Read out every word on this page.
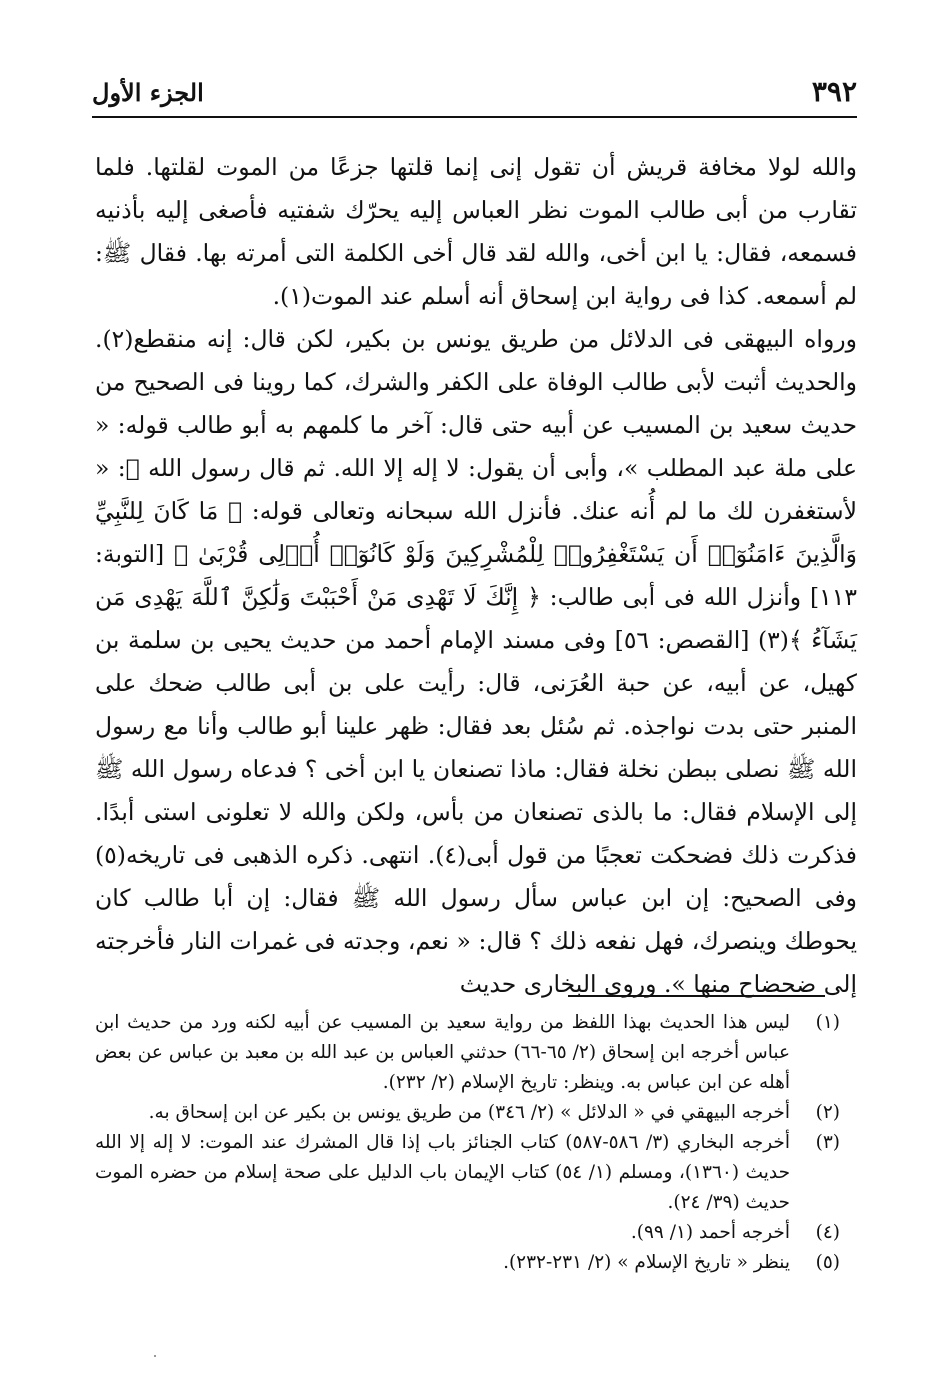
٣٩٢
الجزء الأول

والله لولا مخافة قريش أن تقول إنى إنما قلتها جزعًا من الموت لقلتها. فلما تقارب من أبى طالب الموت نظر العباس إليه يحرّك شفتيه فأصغى إليه بأذنيه فسمعه، فقال: يا ابن أخى، والله لقد قال أخى الكلمة التى أمرته بها. فقال ﷺ: لم أسمعه. كذا فى رواية ابن إسحاق أنه أسلم عند الموت(١).

ورواه البيهقى فى الدلائل من طريق يونس بن بكير، لكن قال: إنه منقطع(٢). والحديث أثبت لأبى طالب الوفاة على الكفر والشرك، كما روينا فى الصحيح من حديث سعيد بن المسيب عن أبيه حتى قال: آخر ما كلمهم به أبو طالب قوله: « على ملة عبد المطلب »، وأبى أن يقول: لا إله إلا الله. ثم قال رسول الله ﷺ: « لأستغفرن لك ما لم أُنه عنك. فأنزل الله سبحانه وتعالى قوله: ﴿ مَا كَانَ لِلنَّبِيِّ وَالَّذِينَ ءَامَنُوٓا۟ أَن يَسْتَغْفِرُوا۟ لِلْمُشْرِكِينَ وَلَوْ كَانُوٓا۟ أُو۟لِى قُرْبَىٰ ﴾ [التوبة: ١١٣] وأنزل الله فى أبى طالب: ﴿ إِنَّكَ لَا تَهْدِى مَنْ أَحْبَبْتَ وَلَٰكِنَّ ٱللَّهَ يَهْدِى مَن يَشَآءُ ﴾(٣) [القصص: ٥٦] وفى مسند الإمام أحمد من حديث يحيى بن سلمة بن كهيل، عن أبيه، عن حبة العُرَنى، قال: رأيت على بن أبى طالب ضحك على المنبر حتى بدت نواجذه. ثم سُئل بعد فقال: ظهر علينا أبو طالب وأنا مع رسول الله ﷺ نصلى ببطن نخلة فقال: ماذا تصنعان يا ابن أخى ؟ فدعاه رسول الله ﷺ إلى الإسلام فقال: ما بالذى تصنعان من بأس، ولكن والله لا تعلونى استى أبدًا. فذكرت ذلك فضحكت تعجبًا من قول أبى(٤). انتهى. ذكره الذهبى فى تاريخه(٥) وفى الصحيح: إن ابن عباس سأل رسول الله ﷺ فقال: إن أبا طالب كان يحوطك وينصرك، فهل نفعه ذلك ؟ قال: « نعم، وجدته فى غمرات النار فأخرجته إلى ضحضاح منها ». وروى البخارى حديث

(١)
ليس هذا الحديث بهذا اللفظ من رواية سعيد بن المسيب عن أبيه لكنه ورد من حديث ابن عباس أخرجه ابن إسحاق (٢/ ٦٥-٦٦) حدثني العباس بن عبد الله بن معبد بن عباس عن بعض أهله عن ابن عباس به. وينظر: تاريخ الإسلام (٢/ ٢٣٢).
(٢)
أخرجه البيهقي في « الدلائل » (٢/ ٣٤٦) من طريق يونس بن بكير عن ابن إسحاق به.
(٣)
أخرجه البخاري (٣/ ٥٨٦-٥٨٧) كتاب الجنائز باب إذا قال المشرك عند الموت: لا إله إلا الله حديث (١٣٦٠)، ومسلم (١/ ٥٤) كتاب الإيمان باب الدليل على صحة إسلام من حضره الموت حديث (٣٩/ ٢٤).
(٤)
أخرجه أحمد (١/ ٩٩).
(٥)
ينظر « تاريخ الإسلام » (٢/ ٢٣١-٢٣٢).
